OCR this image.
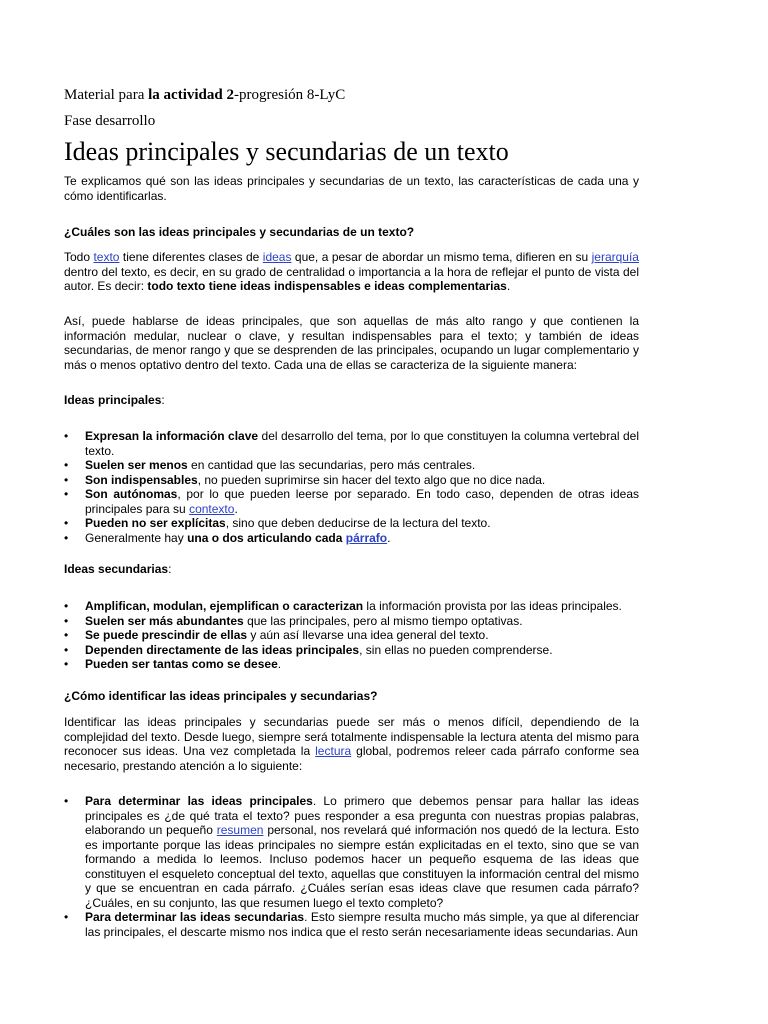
Material para la actividad 2-progresión 8-LyC
Fase desarrollo
Ideas principales y secundarias de un texto

Te explicamos qué son las ideas principales y secundarias de un texto, las características de cada una y cómo identificarlas.

¿Cuáles son las ideas principales y secundarias de un texto?

Todo texto tiene diferentes clases de ideas que, a pesar de abordar un mismo tema, difieren en su jerarquía dentro del texto, es decir, en su grado de centralidad o importancia a la hora de reflejar el punto de vista del autor. Es decir: todo texto tiene ideas indispensables e ideas complementarias.

Así, puede hablarse de ideas principales, que son aquellas de más alto rango y que contienen la información medular, nuclear o clave, y resultan indispensables para el texto; y también de ideas secundarias, de menor rango y que se desprenden de las principales, ocupando un lugar complementario y más o menos optativo dentro del texto. Cada una de ellas se caracteriza de la siguiente manera:

Ideas principales:

• Expresan la información clave del desarrollo del tema, por lo que constituyen la columna vertebral del texto.
• Suelen ser menos en cantidad que las secundarias, pero más centrales.
• Son indispensables, no pueden suprimirse sin hacer del texto algo que no dice nada.
• Son autónomas, por lo que pueden leerse por separado. En todo caso, dependen de otras ideas principales para su contexto.
• Pueden no ser explícitas, sino que deben deducirse de la lectura del texto.
• Generalmente hay una o dos articulando cada párrafo.

Ideas secundarias:

• Amplifican, modulan, ejemplifican o caracterizan la información provista por las ideas principales.
• Suelen ser más abundantes que las principales, pero al mismo tiempo optativas.
• Se puede prescindir de ellas y aún así llevarse una idea general del texto.
• Dependen directamente de las ideas principales, sin ellas no pueden comprenderse.
• Pueden ser tantas como se desee.

¿Cómo identificar las ideas principales y secundarias?

Identificar las ideas principales y secundarias puede ser más o menos difícil, dependiendo de la complejidad del texto. Desde luego, siempre será totalmente indispensable la lectura atenta del mismo para reconocer sus ideas. Una vez completada la lectura global, podremos releer cada párrafo conforme sea necesario, prestando atención a lo siguiente:

• Para determinar las ideas principales. Lo primero que debemos pensar para hallar las ideas principales es ¿de qué trata el texto? pues responder a esa pregunta con nuestras propias palabras, elaborando un pequeño resumen personal, nos revelará qué información nos quedó de la lectura. Esto es importante porque las ideas principales no siempre están explicitadas en el texto, sino que se van formando a medida lo leemos. Incluso podemos hacer un pequeño esquema de las ideas que constituyen el esqueleto conceptual del texto, aquellas que constituyen la información central del mismo y que se encuentran en cada párrafo. ¿Cuáles serían esas ideas clave que resumen cada párrafo? ¿Cuáles, en su conjunto, las que resumen luego el texto completo?
• Para determinar las ideas secundarias. Esto siempre resulta mucho más simple, ya que al diferenciar las principales, el descarte mismo nos indica que el resto serán necesariamente ideas secundarias. Aun
